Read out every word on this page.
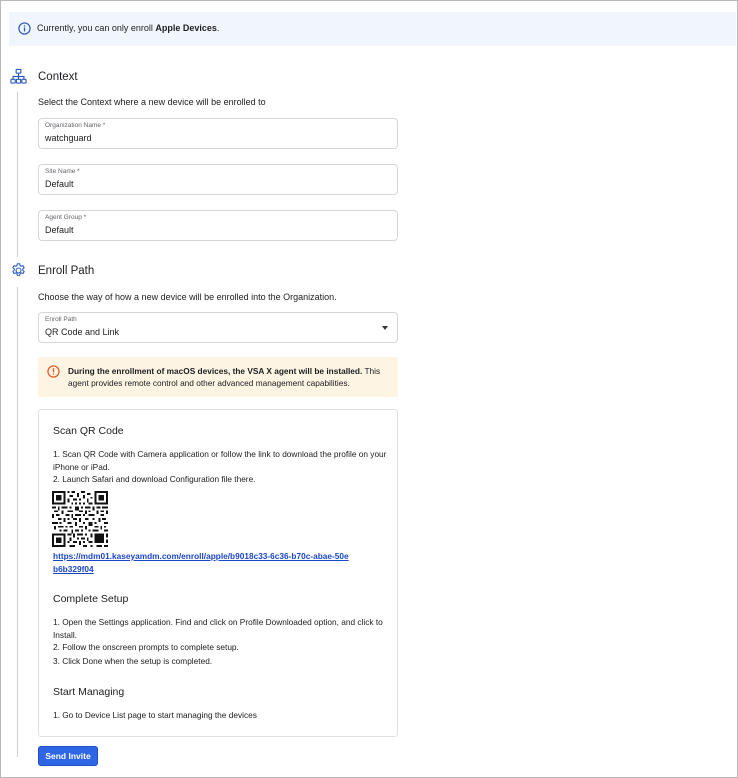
Currently, you can only enroll Apple Devices.
Context
Select the Context where a new device will be enrolled to
Organization Name *
watchguard
Site Name *
Default
Agent Group *
Default
Enroll Path
Choose the way of how a new device will be enrolled into the Organization.
Enroll Path
QR Code and Link
During the enrollment of macOS devices, the VSA X agent will be installed. This agent provides remote control and other advanced management capabilities.
Scan QR Code
1. Scan QR Code with Camera application or follow the link to download the profile on your iPhone or iPad.
2. Launch Safari and download Configuration file there.
https://mdm01.kaseyamdm.com/enroll/apple/b9018c33-6c36-b70c-abae-50eb6b329f04
Complete Setup
1. Open the Settings application. Find and click on Profile Downloaded option, and click to Install.
2. Follow the onscreen prompts to complete setup.
3. Click Done when the setup is completed.
Start Managing
1. Go to Device List page to start managing the devices
Send Invite
